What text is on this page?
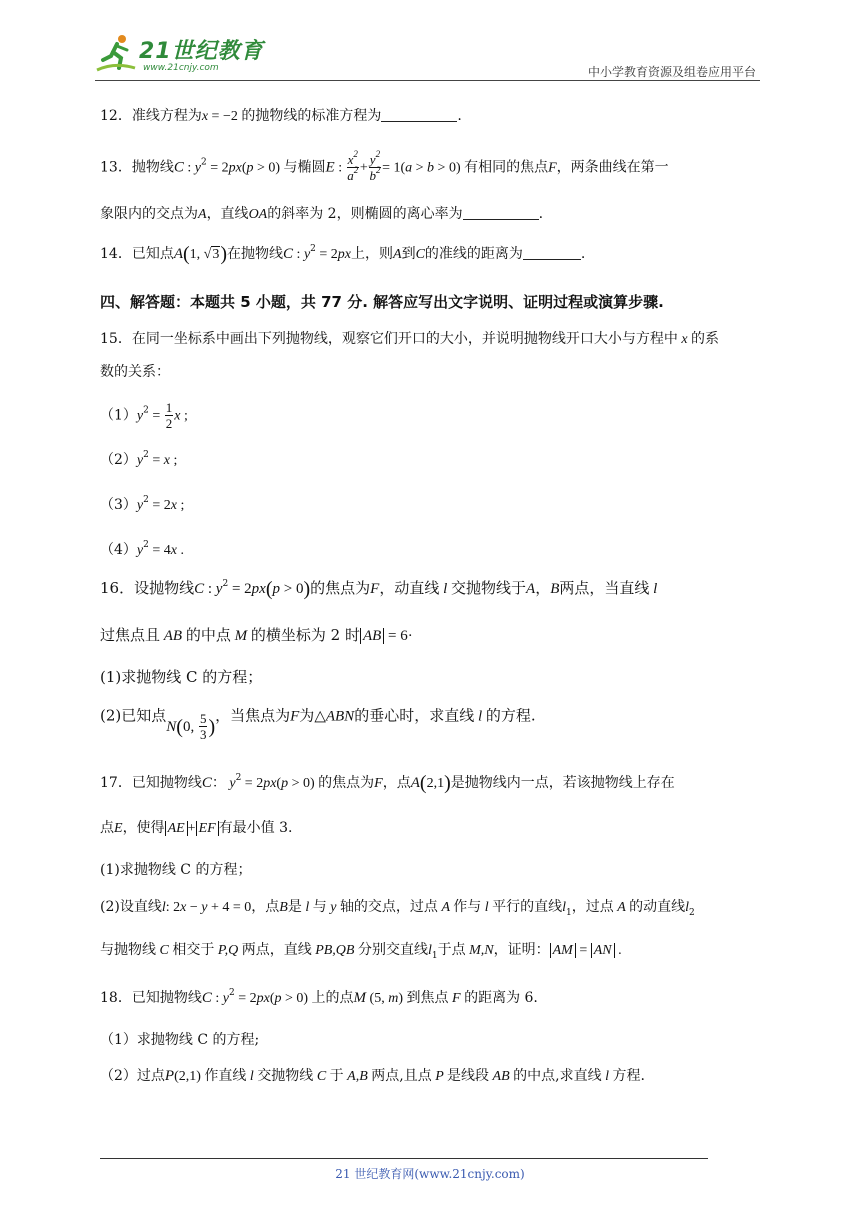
21世纪教育
www.21cnjy.com	中小学教育资源及组卷应用平台
12．准线方程为x = −2 的抛物线的标准方程为	.
13．抛物线C : $y^2 = 2px(p > 0)$ 与椭圆E : $\frac{x^2}{a^2} + \frac{y^2}{b^2} = 1(a > b > 0)$ 有相同的焦点F，两条曲线在第一
象限内的交点为A，直线OA的斜率为 2，则椭圆的离心率为	.
14．已知点A(1, √3)在抛物线C : $y^2 = 2px$上，则A到C的准线的距离为	.
四、解答题：本题共 5 小题，共 77 分. 解答应写出文字说明、证明过程或演算步骤.
15．在同一坐标系中画出下列抛物线，观察它们开口的大小，并说明抛物线开口大小与方程中 x 的系
数的关系：
$(1)y^2 = \frac{1}{2}$ x ;
$(2)y^2 = x$ ;
$(3)y^2 = 2x$ ;
$(4)y^2 = 4x$ .
16．设抛物线C : $y^2 = 2px(p > 0)$的焦点为F，动直线 l 交抛物线于A，B两点，当直线 l
过焦点且 AB 的中点 M 的横坐标为 2 时 AB = 6·
(1)求抛物线 C 的方程；
(2)已知点N(0, $\frac{5}{3}$ )，当焦点为F为△ABN的垂心时，求直线 l 的方程.
17．已知抛物线C： $y^2 = 2px(p > 0)$ 的焦点为F，点A(2,1)是抛物线内一点，若该抛物线上存在
点E，使得 AE + EF 有最小值 3.
(1)求抛物线 C 的方程；
(2)设直线l: 2x − y + 4 = 0，点B是 l 与 y 轴的交点，过点 A 作与 l 平行的直线$l_1$，过点 A 的动直线$l_2$
与抛物线 C 相交于 P,Q 两点，直线 PB,QB 分别交直线$l_1$于点 M,N，证明： AM = AN .
18．已知抛物线C : $y^2 = 2px(p > 0)$ 上的点M (5, m) 到焦点 F 的距离为 6.
（1）求抛物线 C 的方程;
（2）过点P(2,1) 作直线 l 交抛物线 C 于 A,B 两点,且点 P 是线段 AB 的中点,求直线 l 方程.
21 世纪教育网(www.21cnjy.com)
